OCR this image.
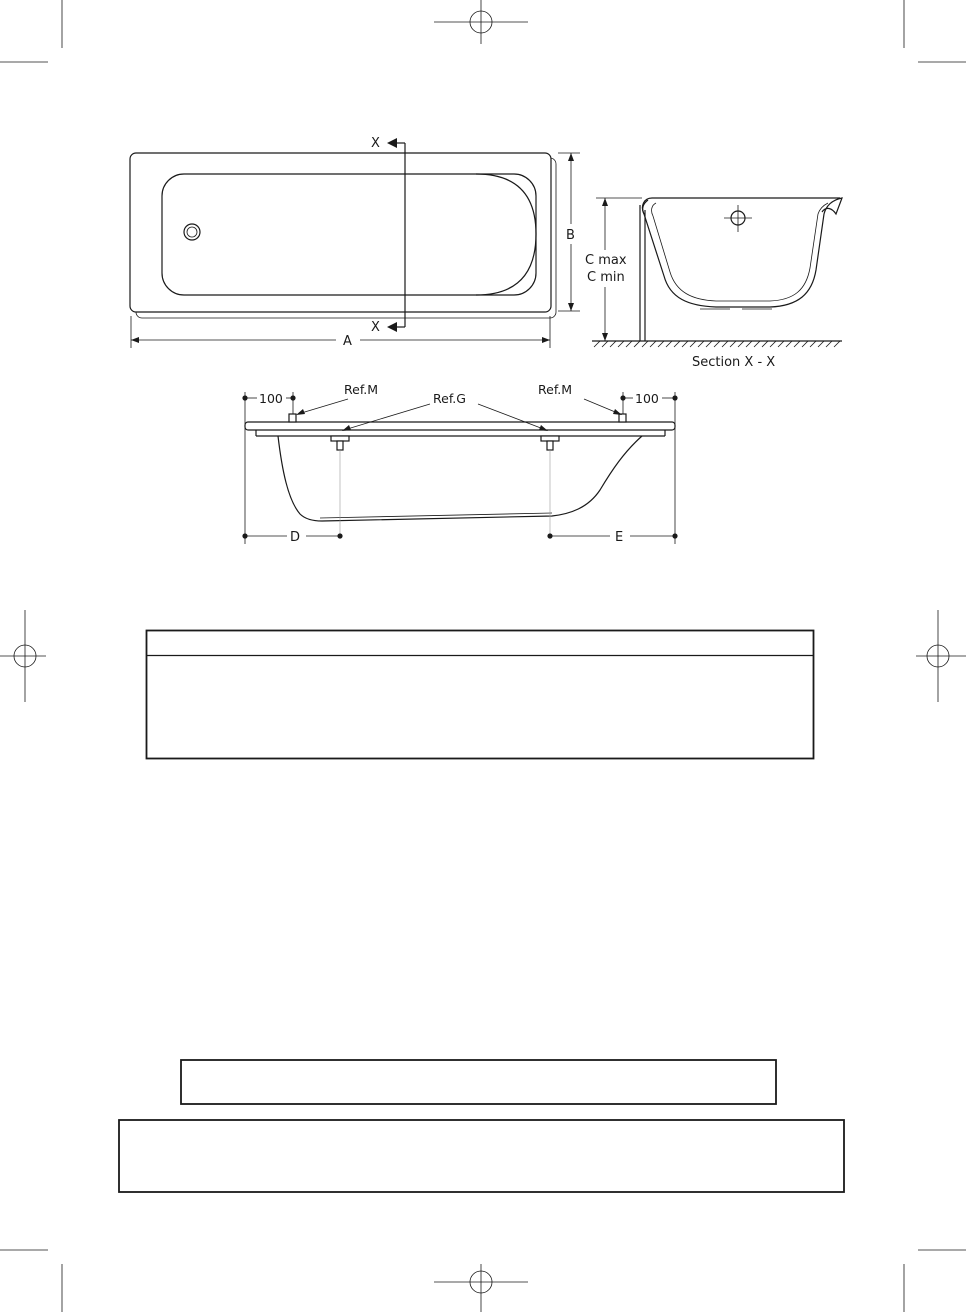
X
X
A
B
C max
C min
Section X - X
100	100
D	E
Ref.M
Ref.G
Ref.M
